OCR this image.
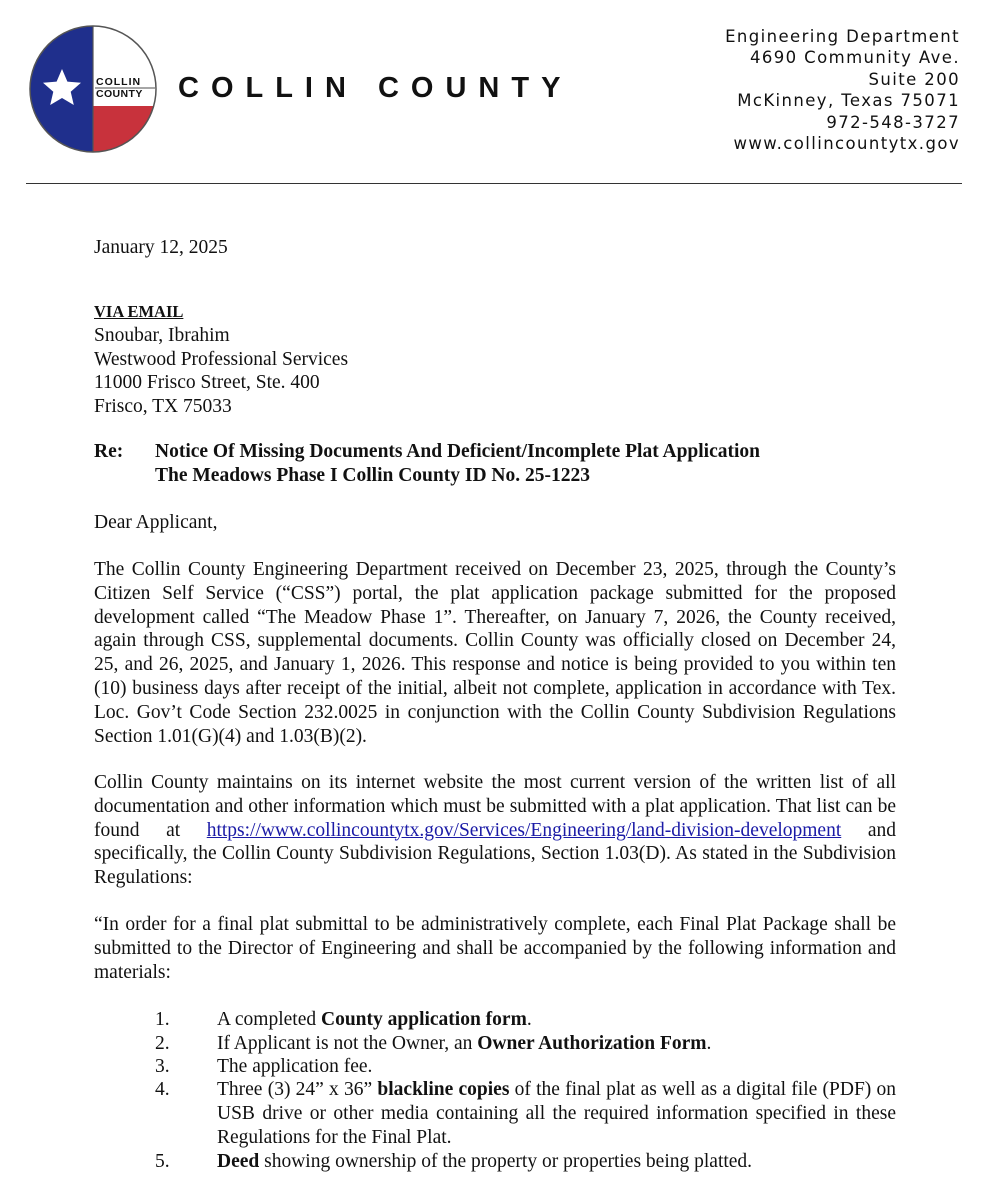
COLLIN
COUNTY COLLIN COUNTY
Engineering Department
4690 Community Ave.
Suite 200
McKinney, Texas 75071
972-548-3727
www.collincountytx.gov
January 12, 2025
VIA EMAIL
Snoubar, Ibrahim
Westwood Professional Services
11000 Frisco Street, Ste. 400
Frisco, TX 75033
Re: Notice Of Missing Documents And Deficient/Incomplete Plat Application
The Meadows Phase I Collin County ID No. 25-1223
Dear Applicant,
The Collin County Engineering Department received on December 23, 2025, through the County’s Citizen Self Service (“CSS”) portal, the plat application package submitted for the proposed development called “The Meadow Phase 1”. Thereafter, on January 7, 2026, the County received, again through CSS, supplemental documents. Collin County was officially closed on December 24, 25, and 26, 2025, and January 1, 2026. This response and notice is being provided to you within ten (10) business days after receipt of the initial, albeit not complete, application in accordance with Tex. Loc. Gov’t Code Section 232.0025 in conjunction with the Collin County Subdivision Regulations Section 1.01(G)(4) and 1.03(B)(2).
Collin County maintains on its internet website the most current version of the written list of all documentation and other information which must be submitted with a plat application. That list can be found at https://www.collincountytx.gov/Services/Engineering/land-division-development and specifically, the Collin County Subdivision Regulations, Section 1.03(D). As stated in the Subdivision Regulations:
“In order for a final plat submittal to be administratively complete, each Final Plat Package shall be submitted to the Director of Engineering and shall be accompanied by the following information and materials:
1. A completed County application form.
2. If Applicant is not the Owner, an Owner Authorization Form.
3. The application fee.
4. Three (3) 24” x 36” blackline copies of the final plat as well as a digital file (PDF) on USB drive or other media containing all the required information specified in these Regulations for the Final Plat.
5. Deed showing ownership of the property or properties being platted.
